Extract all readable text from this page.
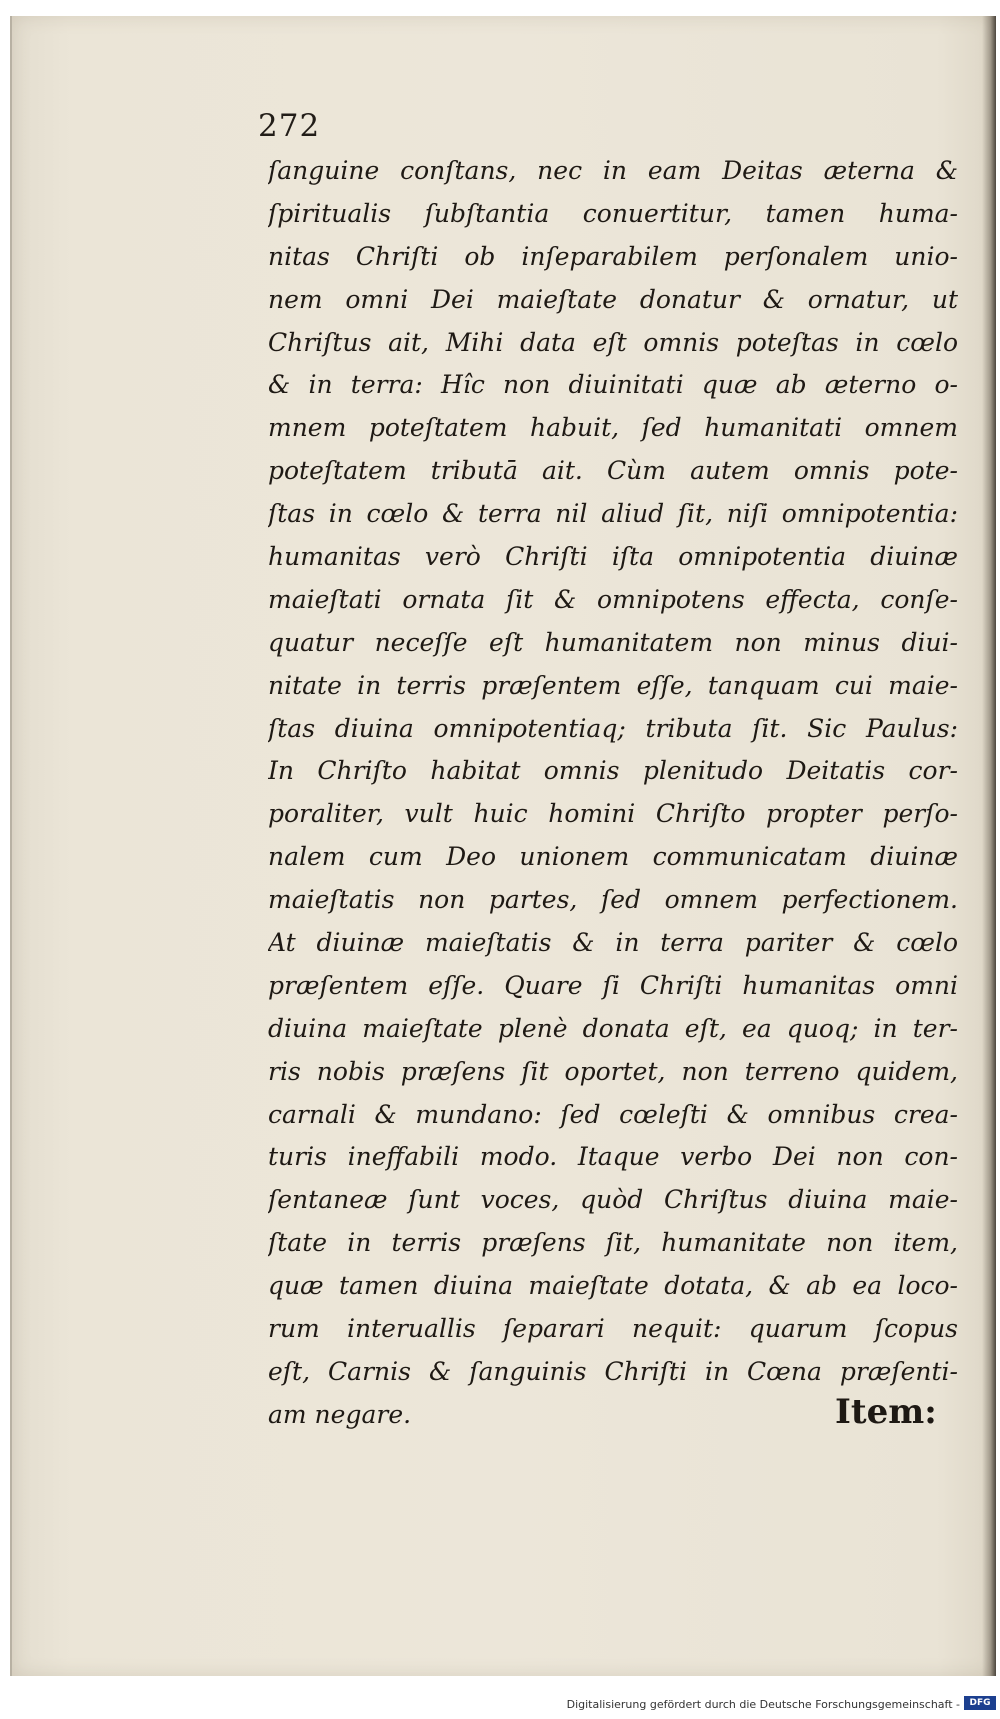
272
ſanguine conſtans, nec in eam Deitas æterna &
ſpiritualis ſubſtantia conuertitur, tamen huma-
nitas Chriſti ob inſeparabilem perſonalem unio-
nem omni Dei maieſtate donatur & ornatur, ut
Chriſtus ait, Mihi data eſt omnis poteſtas in cœlo
& in terra: Hîc non diuinitati quæ ab æterno o-
mnem poteſtatem habuit, ſed humanitati omnem
poteſtatem tributā ait. Cùm autem omnis pote-
ſtas in cœlo & terra nil aliud ſit, niſi omnipotentia:
humanitas verò Chriſti iſta omnipotentia diuinæ
maieſtati ornata ſit & omnipotens effecta, conſe-
quatur neceſſe eſt humanitatem non minus diui-
nitate in terris præſentem eſſe, tanquam cui maie-
ſtas diuina omnipotentiaq; tributa ſit. Sic Paulus:
In Chriſto habitat omnis plenitudo Deitatis cor-
poraliter, vult huic homini Chriſto propter perſo-
nalem cum Deo unionem communicatam diuinæ
maieſtatis non partes, ſed omnem perfectionem.
At diuinæ maieſtatis & in terra pariter & cœlo
præſentem eſſe. Quare ſi Chriſti humanitas omni
diuina maieſtate plenè donata eſt, ea quoq; in ter-
ris nobis præſens ſit oportet, non terreno quidem,
carnali & mundano: ſed cœleſti & omnibus crea-
turis ineffabili modo. Itaque verbo Dei non con-
ſentaneæ ſunt voces, quòd Chriſtus diuina maie-
ſtate in terris præſens ſit, humanitate non item,
quæ tamen diuina maieſtate dotata, & ab ea loco-
rum interuallis ſeparari nequit: quarum ſcopus
eſt, Carnis & ſanguinis Chriſti in Cœna præſenti-
am negare.	Item:
Digitalisierung gefördert durch die Deutsche Forschungsgemeinschaft -	DFG
